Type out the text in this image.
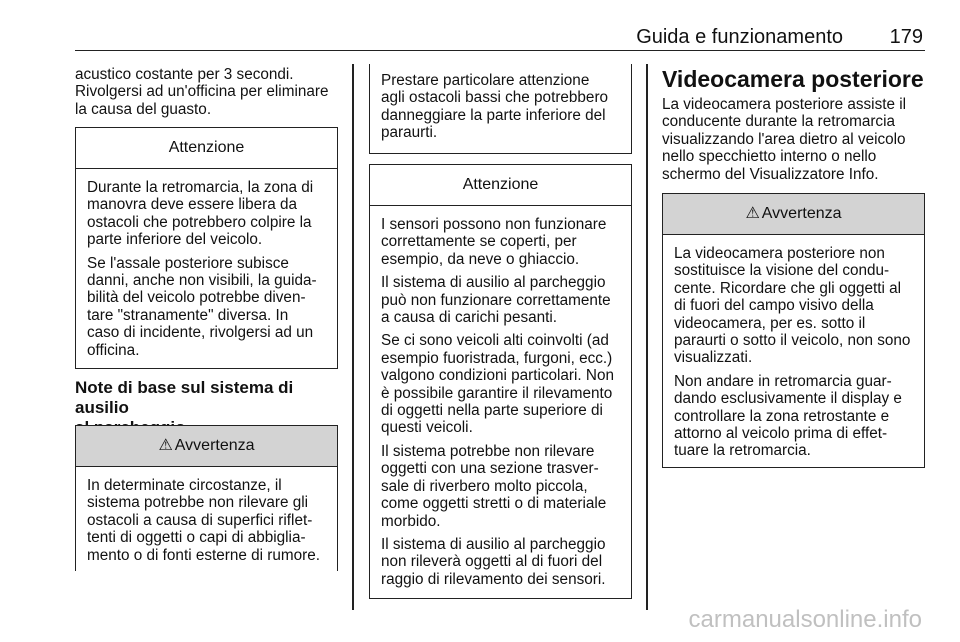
Guida e funzionamento 179

acustico costante per 3 secondi.

Rivolgersi ad un'officina per eliminare

la causa del guasto.

Attenzione

Durante la retromarcia, la zona di
manovra deve essere libera da
ostacoli che potrebbero colpire la
parte inferiore del veicolo.

Se l'assale posteriore subisce
danni, anche non visibili, la guida-
bilità del veicolo potrebbe diven-
tare "stranamente" diversa. In
caso di incidente, rivolgersi ad un
officina.

Note di base sul sistema di ausilio

⚠ Avvertenza

In determinate circostanze, il
sistema potrebbe non rilevare gli
ostacoli a causa di superfici riflet-
tenti di oggetti o capi di abbiglia-
mento o di fonti esterne di rumore.

Prestare particolare attenzione
agli ostacoli bassi che potrebbero
danneggiare la parte inferiore del
paraurti.

Attenzione

I sensori possono non funzionare
correttamente se coperti, per
esempio, da neve o ghiaccio.

Il sistema di ausilio al parcheggio
può non funzionare correttamente
a causa di carichi pesanti.

Se ci sono veicoli alti coinvolti (ad
esempio fuoristrada, furgoni, ecc.)
valgono condizioni particolari. Non
è possibile garantire il rilevamento
di oggetti nella parte superiore di
questi veicoli.

Il sistema potrebbe non rilevare
oggetti con una sezione trasver-
sale di riverbero molto piccola,
come oggetti stretti o di materiale
morbido.

Il sistema di ausilio al parcheggio
non rileverà oggetti al di fuori del
raggio di rilevamento dei sensori.

Videocamera posteriore

La videocamera posteriore assiste il

conducente durante la retromarcia

visualizzando l'area dietro al veicolo

nello specchietto interno o nello

schermo del Visualizzatore Info.

⚠ Avvertenza

La videocamera posteriore non
sostituisce la visione del condu-
cente. Ricordare che gli oggetti al
di fuori del campo visivo della
videocamera, per es. sotto il
paraurti o sotto il veicolo, non sono
visualizzati.

Non andare in retromarcia guar-
dando esclusivamente il display e
controllare la zona retrostante e
attorno al veicolo prima di effet-
tuare la retromarcia.

carmanualsonline.info
